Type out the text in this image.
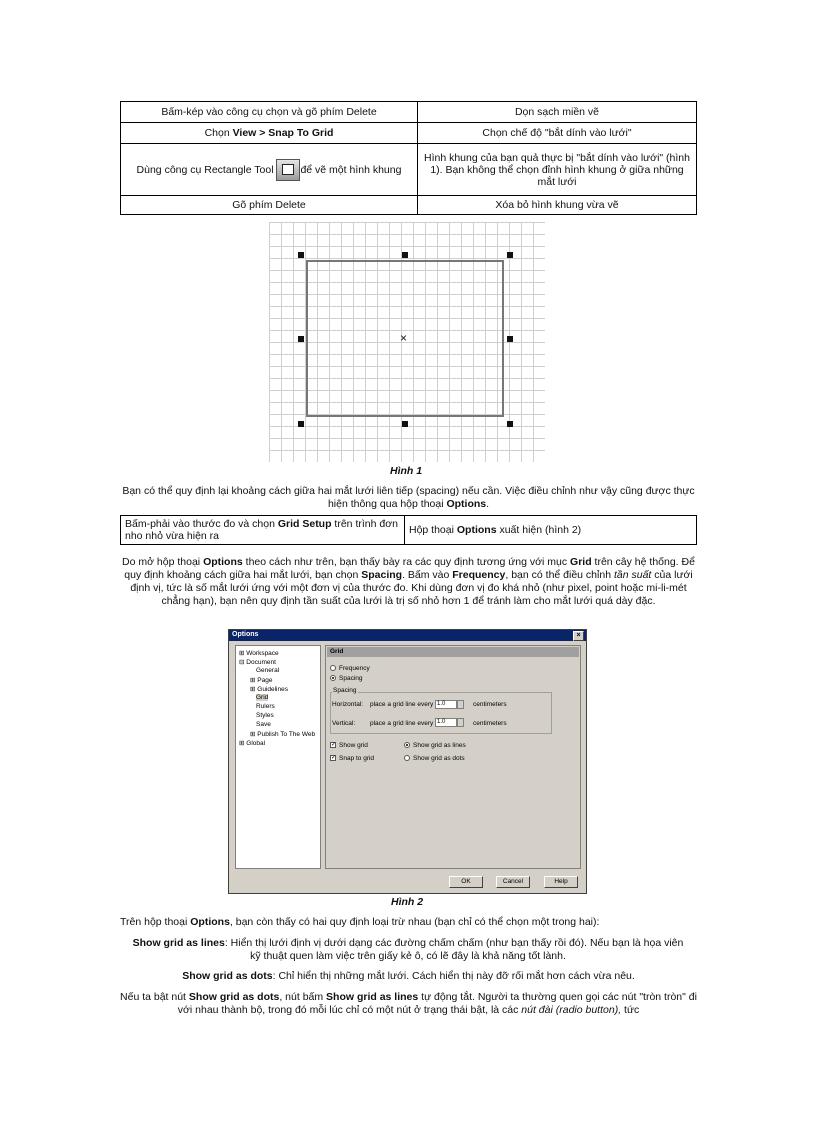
Bấm-kép vào công cụ chọn và gõ phím Delete	Dọn sạch miền vẽ
Chọn View > Snap To Grid	Chọn chế độ "bắt dính vào lưới"
Dùng công cụ Rectangle Tool để vẽ một hình khung	Hình khung của bạn quả thực bị "bắt dính vào lưới" (hình 1). Bạn không thể chọn đỉnh hình khung ở giữa những mắt lưới
Gõ phím Delete	Xóa bỏ hình khung vừa vẽ
×
Hình 1
Bạn có thể quy định lại khoảng cách giữa hai mắt lưới liên tiếp (spacing) nếu cần. Việc điều chỉnh như vậy cũng được thực hiện thông qua hộp thoại Options.
Bấm-phải vào thước đo và chọn Grid Setup trên trình đơn nho nhỏ vừa hiện ra	Hộp thoại Options xuất hiện (hình 2)
Do mở hộp thoại Options theo cách như trên, bạn thấy bày ra các quy định tương ứng với mục Grid trên cây hệ thống. Để quy định khoảng cách giữa hai mắt lưới, bạn chọn Spacing. Bấm vào Frequency, bạn có thể điều chỉnh tần suất của lưới định vị, tức là số mắt lưới ứng với một đơn vị của thước đo. Khi dùng đơn vị đo khá nhỏ (như pixel, point hoặc mi-li-mét chẳng hạn), bạn nên quy định tần suất của lưới là trị số nhỏ hơn 1 để tránh làm cho mắt lưới quá dày đặc.
Options	×
⊞ Workspace
⊟ Document
General
⊞ Page
⊞ Guidelines
Grid
Rulers
Styles
Save
⊞ Publish To The Web
⊞ Global
Grid
Frequency
Spacing
Spacing
Horizontal: place a grid line every 1.0	centimeters
Vertical: place a grid line every 1.0	centimeters
✓ Show grid
✓ Snap to grid
Show grid as lines
Show grid as dots
OK	Cancel	Help
Hình 2
Trên hộp thoại Options, bạn còn thấy có hai quy định loại trừ nhau (bạn chỉ có thể chọn một trong hai):
Show grid as lines: Hiển thị lưới định vị dưới dạng các đường chấm chấm (như bạn thấy rồi đó). Nếu bạn là họa viên kỹ thuật quen làm việc trên giấy kẻ ô, có lẽ đây là khả năng tốt lành.
Show grid as dots: Chỉ hiển thị những mắt lưới. Cách hiển thị này đỡ rối mắt hơn cách vừa nêu.
Nếu ta bật nút Show grid as dots, nút bấm Show grid as lines tự động tắt. Người ta thường quen gọi các nút "tròn tròn" đi với nhau thành bộ, trong đó mỗi lúc chỉ có một nút ở trạng thái bật, là các nút đài (radio button), tức
